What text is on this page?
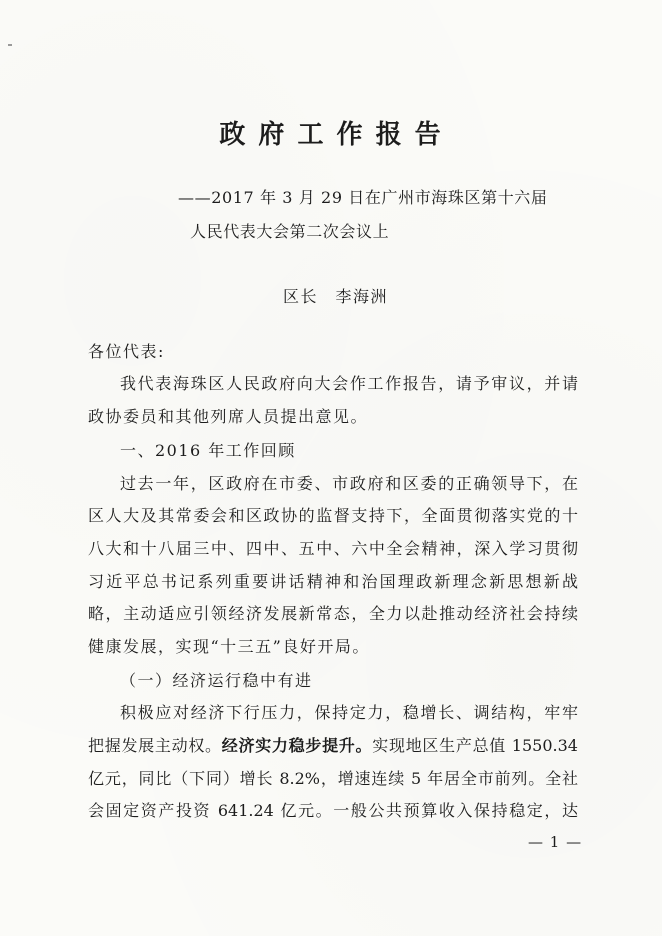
政 府 工 作 报 告
——2017 年 3 月 29 日在广州市海珠区第十六届
人民代表大会第二次会议上
区长　李海洲
各位代表:
我代表海珠区人民政府向大会作工作报告，请予审议，并请
政协委员和其他列席人员提出意见。
一、2016 年工作回顾
过去一年，区政府在市委、市政府和区委的正确领导下，在
区人大及其常委会和区政协的监督支持下，全面贯彻落实党的十
八大和十八届三中、四中、五中、六中全会精神，深入学习贯彻
习近平总书记系列重要讲话精神和治国理政新理念新思想新战
略，主动适应引领经济发展新常态，全力以赴推动经济社会持续
健康发展，实现“十三五”良好开局。
（一）经济运行稳中有进
积极应对经济下行压力，保持定力，稳增长、调结构，牢牢
把握发展主动权。经济实力稳步提升。实现地区生产总值 1550.34
亿元，同比（下同）增长 8.2%，增速连续 5 年居全市前列。全社
会固定资产投资 641.24 亿元。一般公共预算收入保持稳定，达
— 1 —
